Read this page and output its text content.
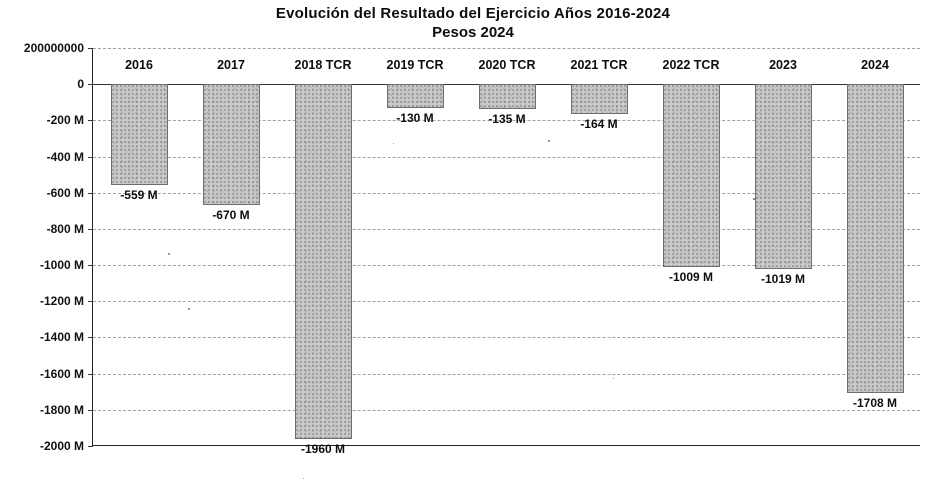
Evolución del Resultado del Ejercicio Años 2016-2024
Pesos 2024
200000000
0
-200 M
-400 M
-600 M
-800 M
-1000 M
-1200 M
-1400 M
-1600 M
-1800 M
-2000 M
2016
-559 M
2017
-670 M
2018 TCR
-1960 M
2019 TCR
-130 M
2020 TCR
-135 M
2021 TCR
-164 M
2022 TCR
-1009 M
2023
-1019 M
2024
-1708 M
